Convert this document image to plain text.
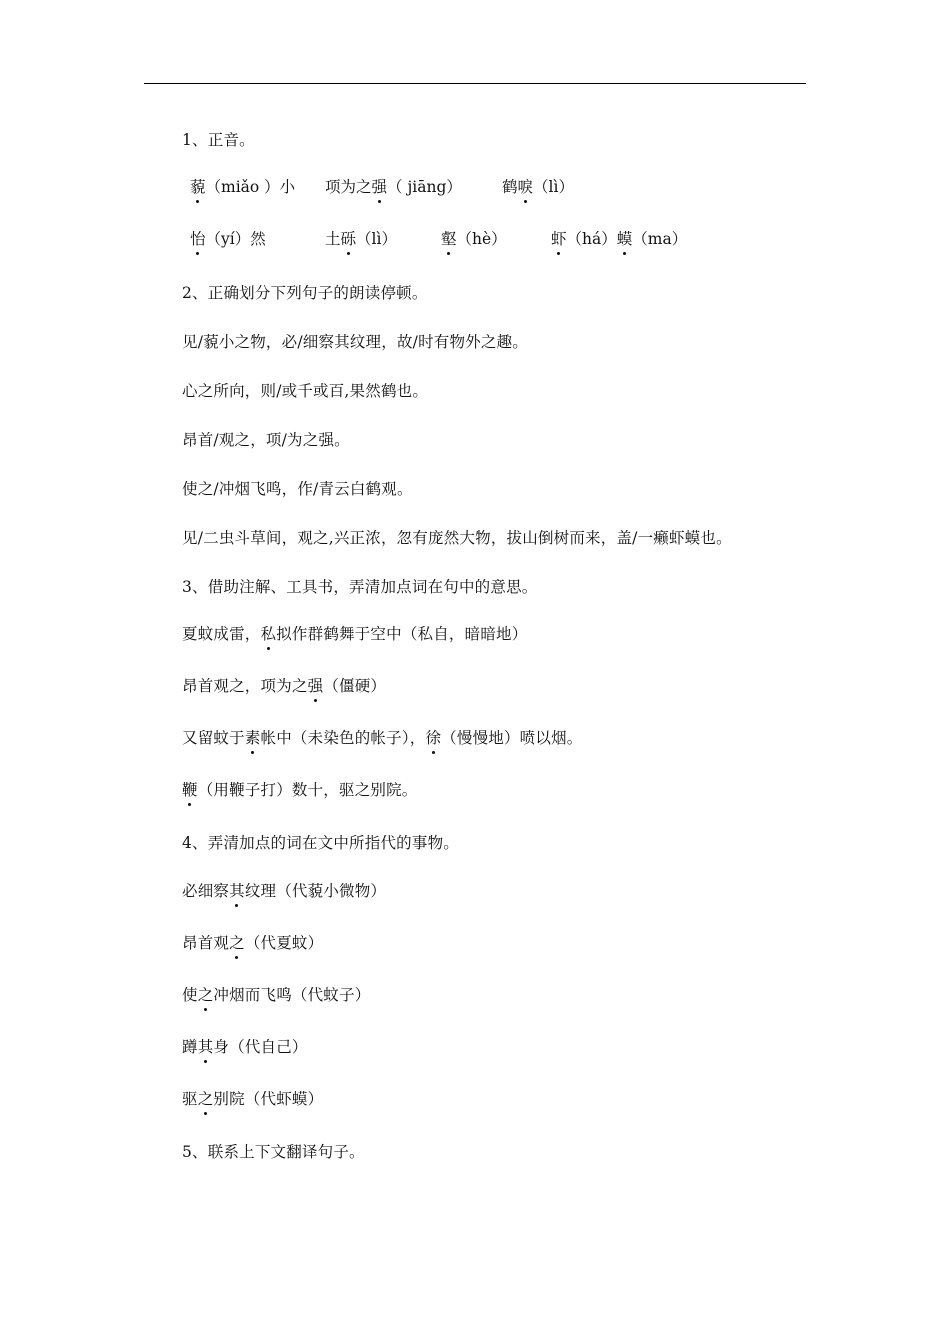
1、正音。
藐（miǎo ）小 项为之强（ jiāng）	鹤唳（lì）
怡（yí）然	土砾（lì）	壑（hè）	虾（há）蟆（ma）
2、正确划分下列句子的朗读停顿。
见/藐小之物，必/细察其纹理，故/时有物外之趣。
心之所向，则/或千或百,果然鹤也。
昂首/观之，项/为之强。
使之/冲烟飞鸣，作/青云白鹤观。
见/二虫斗草间，观之,兴正浓，忽有庞然大物，拔山倒树而来，盖/一癞虾蟆也。
3、借助注解、工具书，弄清加点词在句中的意思。
夏蚊成雷，私拟作群鹤舞于空中（私自，暗暗地）
昂首观之，项为之强（僵硬）
又留蚊于素帐中（未染色的帐子），徐（慢慢地）喷以烟。
鞭（用鞭子打）数十，驱之别院。
4、弄清加点的词在文中所指代的事物。
必细察其纹理（代藐小微物）
昂首观之（代夏蚊）
使之冲烟而飞鸣（代蚊子）
蹲其身（代自己）
驱之别院（代虾蟆）
5、联系上下文翻译句子。
